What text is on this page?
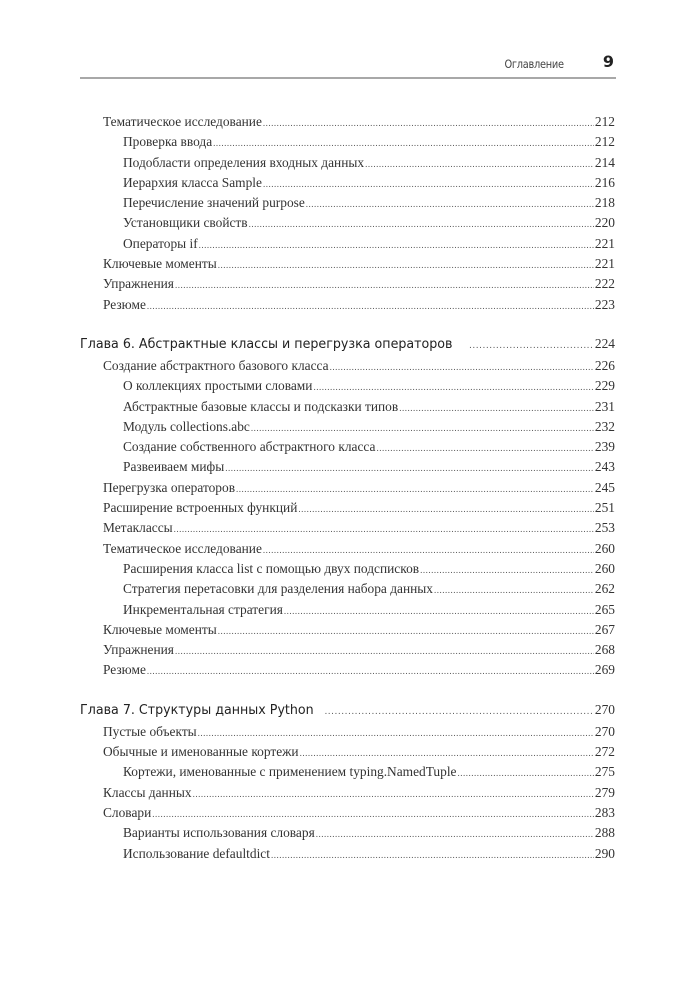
Оглавление 9
Тематическое исследование .....	212
Проверка ввода .....	212
Подобласти определения входных данных .....	214
Иерархия класса Sample .....	216
Перечисление значений purpose .....	218
Установщики свойств .....	220
Операторы if .....	221
Ключевые моменты .....	221
Упражнения .....	222
Резюме .....	223
Глава 6. Абстрактные классы и перегрузка операторов .....	224
Создание абстрактного базового класса .....	226
О коллекциях простыми словами .....	229
Абстрактные базовые классы и подсказки типов .....	231
Модуль collections.abc .....	232
Создание собственного абстрактного класса .....	239
Развеиваем мифы .....	243
Перегрузка операторов .....	245
Расширение встроенных функций .....	251
Метаклассы .....	253
Тематическое исследование .....	260
Расширения класса list с помощью двух подсписков .....	260
Стратегия перетасовки для разделения набора данных .....	262
Инкрементальная стратегия .....	265
Ключевые моменты .....	267
Упражнения .....	268
Резюме .....	269
Глава 7. Структуры данных Python .....	270
Пустые объекты .....	270
Обычные и именованные кортежи .....	272
Кортежи, именованные с применением typing.NamedTuple .....	275
Классы данных .....	279
Словари .....	283
Варианты использования словаря .....	288
Использование defaultdict .....	290
